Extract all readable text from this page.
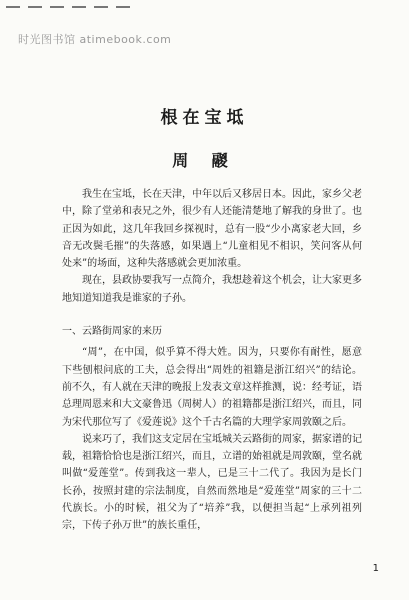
时光图书馆 atimebook.com
根在宝坻
周 鬷

我生在宝坻，长在天津，中年以后又移居日本。因此，家乡父老中，除了堂弟和表兄之外，很少有人还能清楚地了解我的身世了。也正因为如此，这几年我回乡探视时，总有一股“少小离家老大回，乡音无改鬓毛摧”的失落感，如果遇上“儿童相见不相识，笑问客从何处来”的场面，这种失落感就会更加浓重。

现在，县政协要我写一点简介，我想趁着这个机会，让大家更多地知道知道我是谁家的子孙。

一、云路街周家的来历

“周”，在中国，似乎算不得大姓。因为，只要你有耐性，愿意下些刨根问底的工夫，总会得出“周姓的祖籍是浙江绍兴”的结论。前不久，有人就在天津的晚报上发表文章这样推测，说：经考证，语总理周恩来和大文豪鲁迅（周树人）的祖籍都是浙江绍兴，而且，同为宋代那位写了《爱莲说》这个千古名篇的大理学家周敦颐之后。

说来巧了，我们这支定居在宝坻城关云路街的周家，据家谱的记载，祖籍恰恰也是浙江绍兴，而且，立谱的始祖就是周敦颐，堂名就叫做“爱莲堂”。传到我这一辈人，已是三十二代了。我因为是长门长孙，按照封建的宗法制度，自然而然地是“爱莲堂”周家的三十二代族长。小的时候，祖父为了“培养”我，以便担当起“上承列祖列宗，下传子孙万世”的族长重任，

1
